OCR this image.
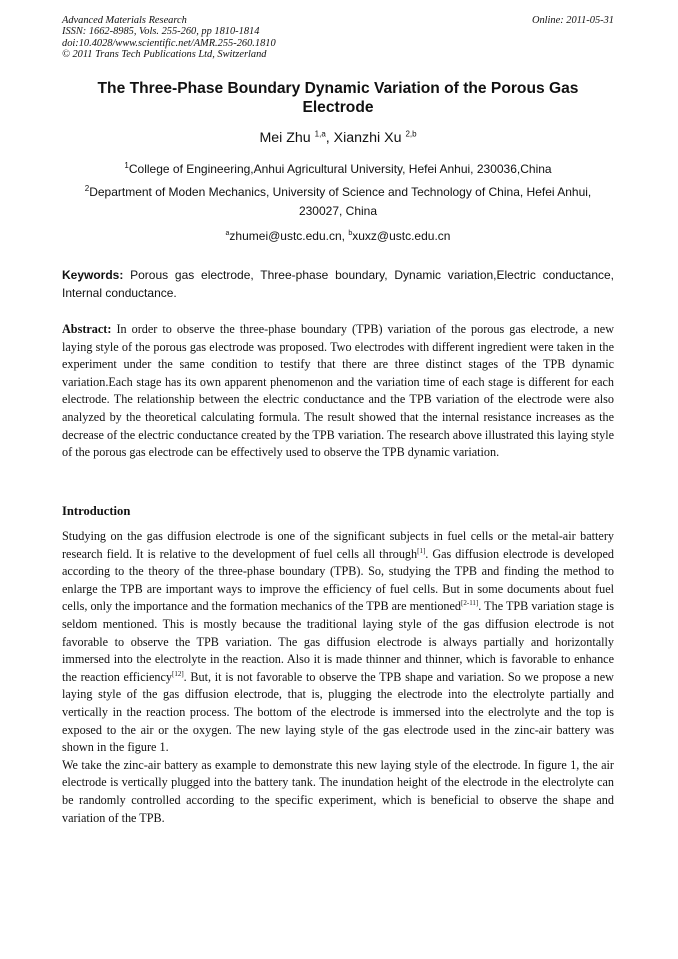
Advanced Materials Research
ISSN: 1662-8985, Vols. 255-260, pp 1810-1814
doi:10.4028/www.scientific.net/AMR.255-260.1810
© 2011 Trans Tech Publications Ltd, Switzerland
Online: 2011-05-31
The Three-Phase Boundary Dynamic Variation of the Porous Gas
Electrode
Mei Zhu $^{1,a}$, Xianzhi Xu $^{2,b}$
$^1$College of Engineering,Anhui Agricultural University, Hefei Anhui, 230036,China
$^2$Department of Moden Mechanics, University of Science and Technology of China, Hefei Anhui,
230027, China
$^a$zhumei@ustc.edu.cn, $^b$xuxz@ustc.edu.cn
Keywords: Porous gas electrode, Three-phase boundary, Dynamic variation,Electric conductance, Internal conductance.
Abstract: In order to observe the three-phase boundary (TPB) variation of the porous gas electrode, a new laying style of the porous gas electrode was proposed. Two electrodes with different ingredient were taken in the experiment under the same condition to testify that there are three distinct stages of the TPB dynamic variation.Each stage has its own apparent phenomenon and the variation time of each stage is different for each electrode. The relationship between the electric conductance and the TPB variation of the electrode were also analyzed by the theoretical calculating formula. The result showed that the internal resistance increases as the decrease of the electric conductance created by the TPB variation. The research above illustrated this laying style of the porous gas electrode can be effectively used to observe the TPB dynamic variation.
Introduction

Studying on the gas diffusion electrode is one of the significant subjects in fuel cells or the metal-air battery research field. It is relative to the development of fuel cells all through[1]. Gas diffusion electrode is developed according to the theory of the three-phase boundary (TPB). So, studying the TPB and finding the method to enlarge the TPB are important ways to improve the efficiency of fuel cells. But in some documents about fuel cells, only the importance and the formation mechanics of the TPB are mentioned[2-11]. The TPB variation stage is seldom mentioned. This is mostly because the traditional laying style of the gas diffusion electrode is not favorable to observe the TPB variation. The gas diffusion electrode is always partially and horizontally immersed into the electrolyte in the reaction. Also it is made thinner and thinner, which is favorable to enhance the reaction efficiency[12]. But, it is not favorable to observe the TPB shape and variation. So we propose a new laying style of the gas diffusion electrode, that is, plugging the electrode into the electrolyte partially and vertically in the reaction process. The bottom of the electrode is immersed into the electrolyte and the top is exposed to the air or the oxygen. The new laying style of the gas electrode used in the zinc-air battery was shown in the figure 1.

We take the zinc-air battery as example to demonstrate this new laying style of the electrode. In figure 1, the air electrode is vertically plugged into the battery tank. The inundation height of the electrode in the electrolyte can be randomly controlled according to the specific experiment, which is beneficial to observe the shape and variation of the TPB.
